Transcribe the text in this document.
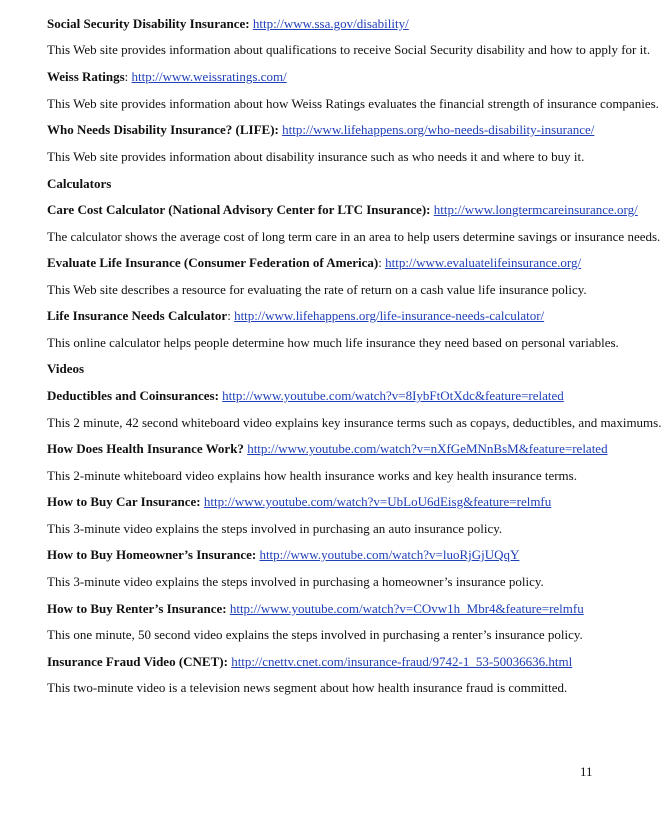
Social Security Disability Insurance: http://www.ssa.gov/disability/
This Web site provides information about qualifications to receive Social Security disability and how to apply for it.
Weiss Ratings: http://www.weissratings.com/
This Web site provides information about how Weiss Ratings evaluates the financial strength of insurance companies.
Who Needs Disability Insurance? (LIFE): http://www.lifehappens.org/who-needs-disability-insurance/
This Web site provides information about disability insurance such as who needs it and where to buy it.
Calculators
Care Cost Calculator (National Advisory Center for LTC Insurance): http://www.longtermcareinsurance.org/
The calculator shows the average cost of long term care in an area to help users determine savings or insurance needs.
Evaluate Life Insurance (Consumer Federation of America): http://www.evaluatelifeinsurance.org/
This Web site describes a resource for evaluating the rate of return on a cash value life insurance policy.
Life Insurance Needs Calculator: http://www.lifehappens.org/life-insurance-needs-calculator/
This online calculator helps people determine how much life insurance they need based on personal variables.
Videos
Deductibles and Coinsurances: http://www.youtube.com/watch?v=8IybFtOtXdc&feature=related
This 2 minute, 42 second whiteboard video explains key insurance terms such as copays, deductibles, and maximums.
How Does Health Insurance Work? http://www.youtube.com/watch?v=nXfGeMNnBsM&feature=related
This 2-minute whiteboard video explains how health insurance works and key health insurance terms.
How to Buy Car Insurance: http://www.youtube.com/watch?v=UbLoU6dEisg&feature=relmfu
This 3-minute video explains the steps involved in purchasing an auto insurance policy.
How to Buy Homeowner’s Insurance: http://www.youtube.com/watch?v=luoRjGjUQqY
This 3-minute video explains the steps involved in purchasing a homeowner’s insurance policy.
How to Buy Renter’s Insurance: http://www.youtube.com/watch?v=COvw1h_Mbr4&feature=relmfu
This one minute, 50 second video explains the steps involved in purchasing a renter’s insurance policy.
Insurance Fraud Video (CNET): http://cnettv.cnet.com/insurance-fraud/9742-1_53-50036636.html
This two-minute video is a television news segment about how health insurance fraud is committed.
11
